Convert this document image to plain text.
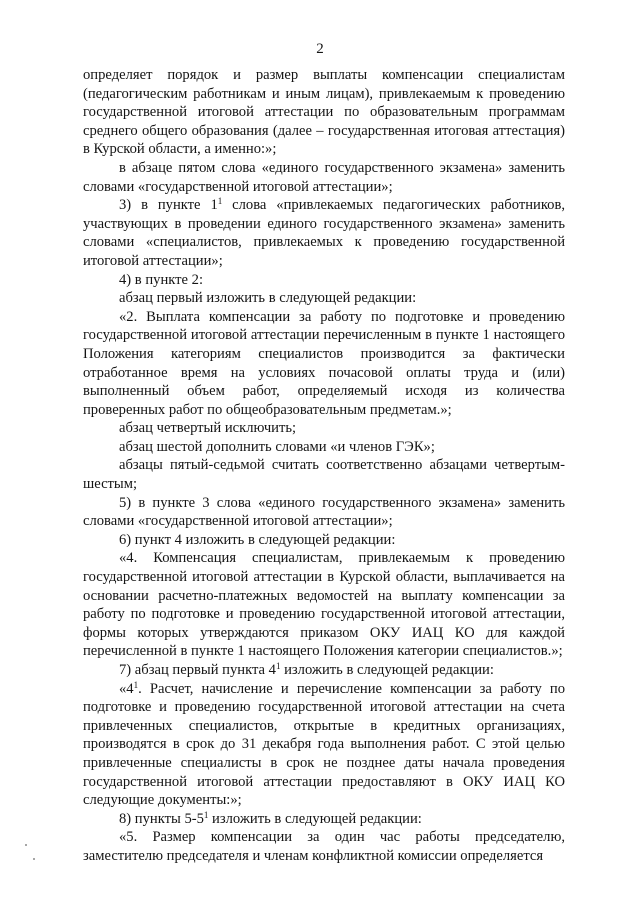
2

определяет порядок и размер выплаты компенсации специалистам (педагогическим работникам и иным лицам), привлекаемым к проведению государственной итоговой аттестации по образовательным программам среднего общего образования (далее – государственная итоговая аттестация) в Курской области, а именно:»;

в абзаце пятом слова «единого государственного экзамена» заменить словами «государственной итоговой аттестации»;

3) в пункте $1^1$ слова «привлекаемых педагогических работников, участвующих в проведении единого государственного экзамена» заменить словами «специалистов, привлекаемых к проведению государственной итоговой аттестации»;

4) в пункте 2:

абзац первый изложить в следующей редакции:

«2. Выплата компенсации за работу по подготовке и проведению государственной итоговой аттестации перечисленным в пункте 1 настоящего Положения категориям специалистов производится за фактически отработанное время на условиях почасовой оплаты труда и (или) выполненный объем работ, определяемый исходя из количества проверенных работ по общеобразовательным предметам.»;

абзац четвертый исключить;

абзац шестой дополнить словами «и членов ГЭК»;

абзацы пятый-седьмой считать соответственно абзацами четвертым-шестым;

5) в пункте 3 слова «единого государственного экзамена» заменить словами «государственной итоговой аттестации»;

6) пункт 4 изложить в следующей редакции:

«4. Компенсация специалистам, привлекаемым к проведению государственной итоговой аттестации в Курской области, выплачивается на основании расчетно-платежных ведомостей на выплату компенсации за работу по подготовке и проведению государственной итоговой аттестации, формы которых утверждаются приказом ОКУ ИАЦ КО для каждой перечисленной в пункте 1 настоящего Положения категории специалистов.»;

7) абзац первый пункта $4^1$ изложить в следующей редакции:

«$4^1$. Расчет, начисление и перечисление компенсации за работу по подготовке и проведению государственной итоговой аттестации на счета привлеченных специалистов, открытые в кредитных организациях, производятся в срок до 31 декабря года выполнения работ. С этой целью привлеченные специалисты в срок не позднее даты начала проведения государственной итоговой аттестации предоставляют в ОКУ ИАЦ КО следующие документы:»;

8) пункты $5-5^1$ изложить в следующей редакции:

«5. Размер компенсации за один час работы председателю, заместителю председателя и членам конфликтной комиссии определяется
